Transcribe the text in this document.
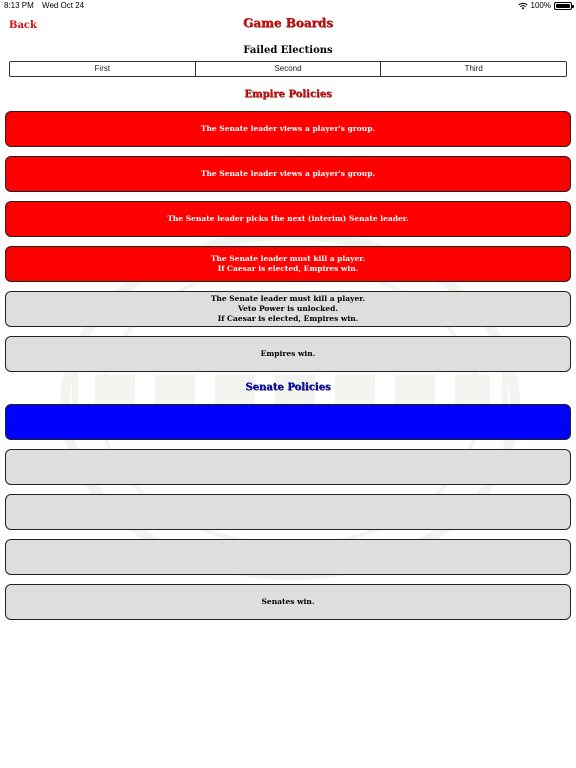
8:13 PM Wed Oct 24	100%
Back	Game Boards
Failed Elections
First	Second	Third
Empire Policies
The Senate leader views a player's group.
The Senate leader views a player's group.
The Senate leader picks the next (interim) Senate leader.
The Senate leader must kill a player.
If Caesar is elected, Empires win.
The Senate leader must kill a player.
Veto Power is unlocked.
If Caesar is elected, Empires win.
Empires win.
Senate Policies
Senates win.
